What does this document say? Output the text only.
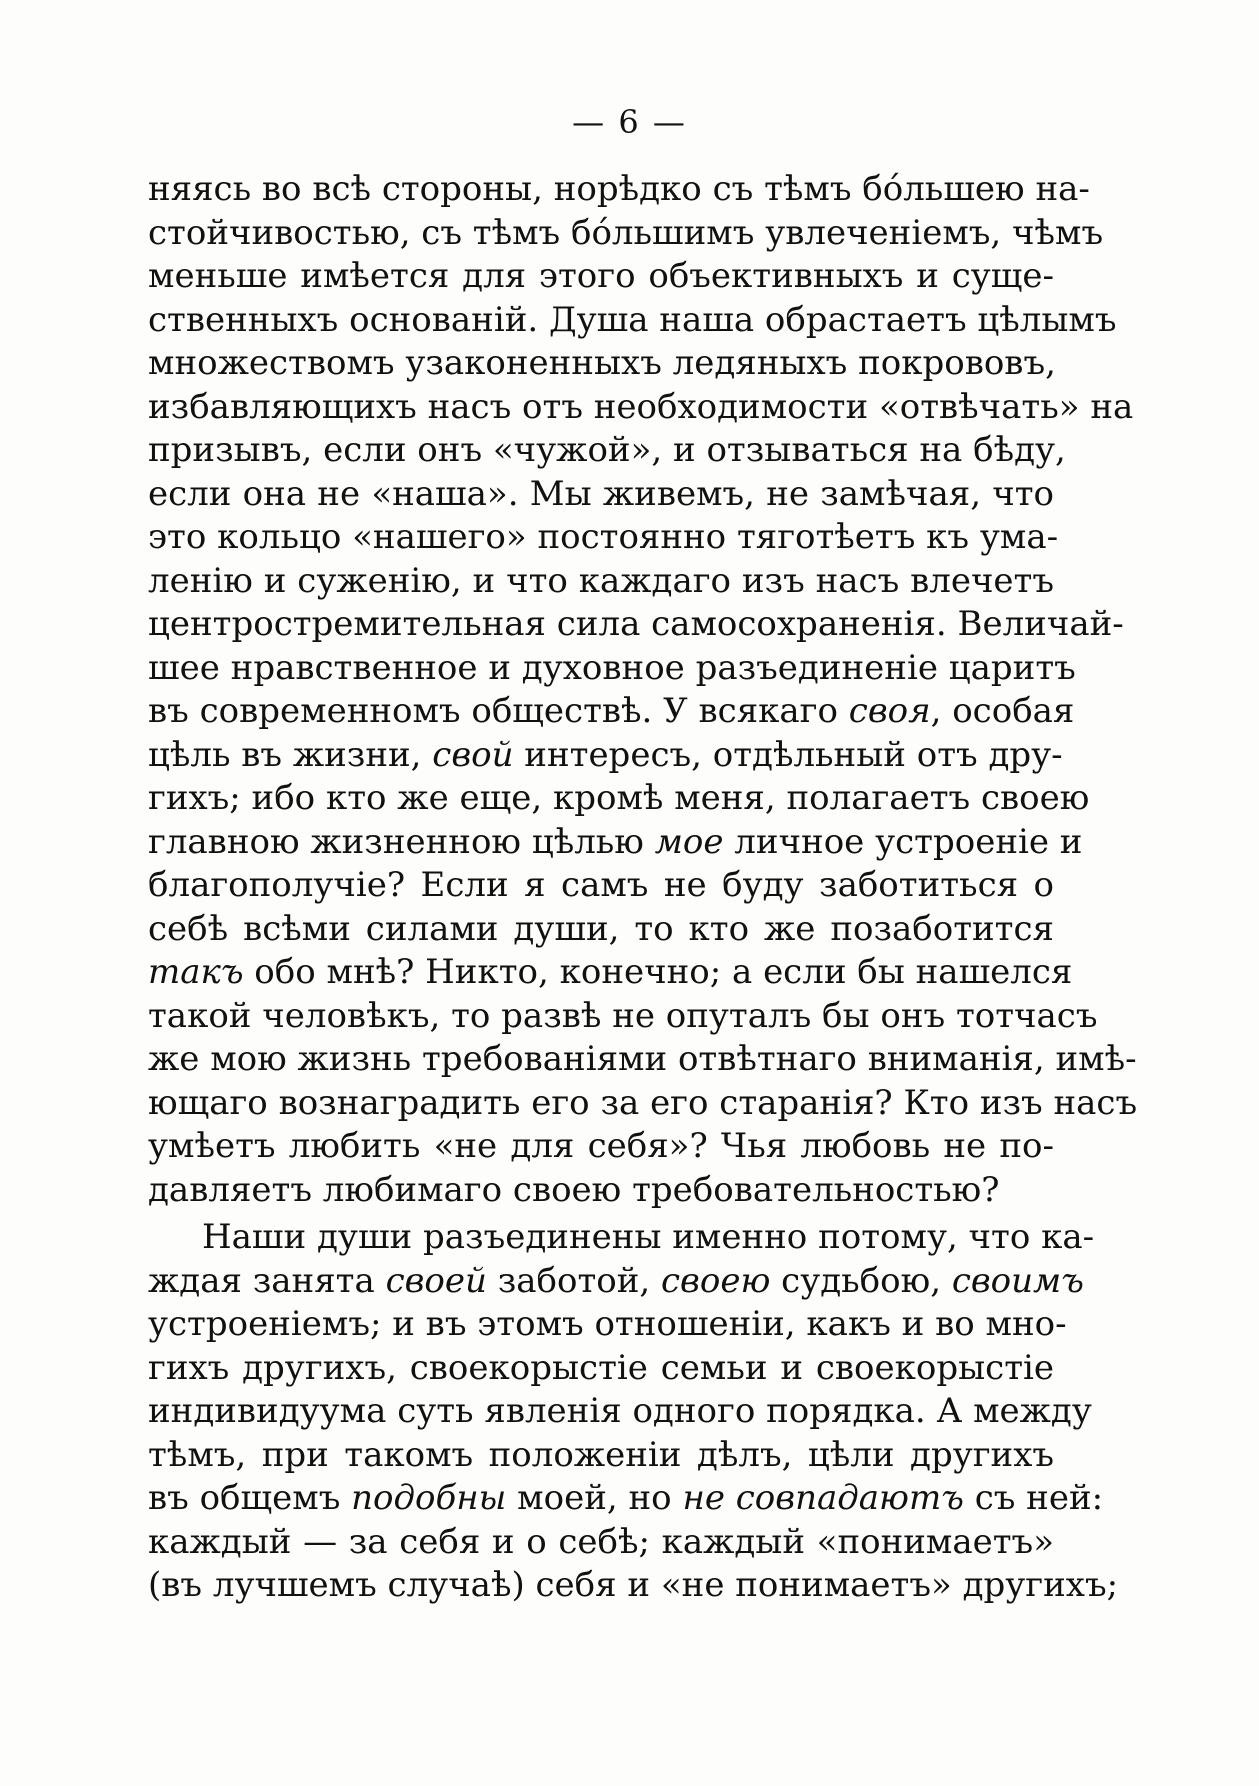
— 6 —
няясь во всѣ стороны, норѣдко съ тѣмъ бо́льшею на-
стойчивостью, съ тѣмъ бо́льшимъ увлеченіемъ, чѣмъ
меньше имѣется для этого объективныхъ и суще-
ственныхъ основаній. Душа наша обрастаетъ цѣлымъ
множествомъ узаконенныхъ ледяныхъ покрововъ,
избавляющихъ насъ отъ необходимости «отвѣчать» на
призывъ, если онъ «чужой», и отзываться на бѣду,
если она не «наша». Мы живемъ, не замѣчая, что
это кольцо «нашего» постоянно тяготѣетъ къ ума-
ленію и суженію, и что каждаго изъ насъ влечетъ
центростремительная сила самосохраненія. Величай-
шее нравственное и духовное разъединеніе царитъ
въ современномъ обществѣ. У всякаго своя, особая
цѣль въ жизни, свой интересъ, отдѣльный отъ дру-
гихъ; ибо кто же еще, кромѣ меня, полагаетъ своею
главною жизненною цѣлью мое личное устроеніе и
благополучіе? Если я самъ не буду заботиться о
себѣ всѣми силами души, то кто же позаботится
такъ обо мнѣ? Никто, конечно; а если бы нашелся
такой человѣкъ, то развѣ не опуталъ бы онъ тотчасъ
же мою жизнь требованіями отвѣтнаго вниманія, имѣ-
ющаго вознаградить его за его старанія? Кто изъ насъ
умѣетъ любить «не для себя»? Чья любовь не по-
давляетъ любимаго своею требовательностью?
Наши души разъединены именно потому, что ка-
ждая занята своей заботой, своею судьбою, своимъ
устроеніемъ; и въ этомъ отношеніи, какъ и во мно-
гихъ другихъ, своекорыстіе семьи и своекорыстіе
индивидуума суть явленія одного порядка. А между
тѣмъ, при такомъ положеніи дѣлъ, цѣли другихъ
въ общемъ подобны моей, но не совпадаютъ съ ней:
каждый — за себя и о себѣ; каждый «понимаетъ»
(въ лучшемъ случаѣ) себя и «не понимаетъ» другихъ;
